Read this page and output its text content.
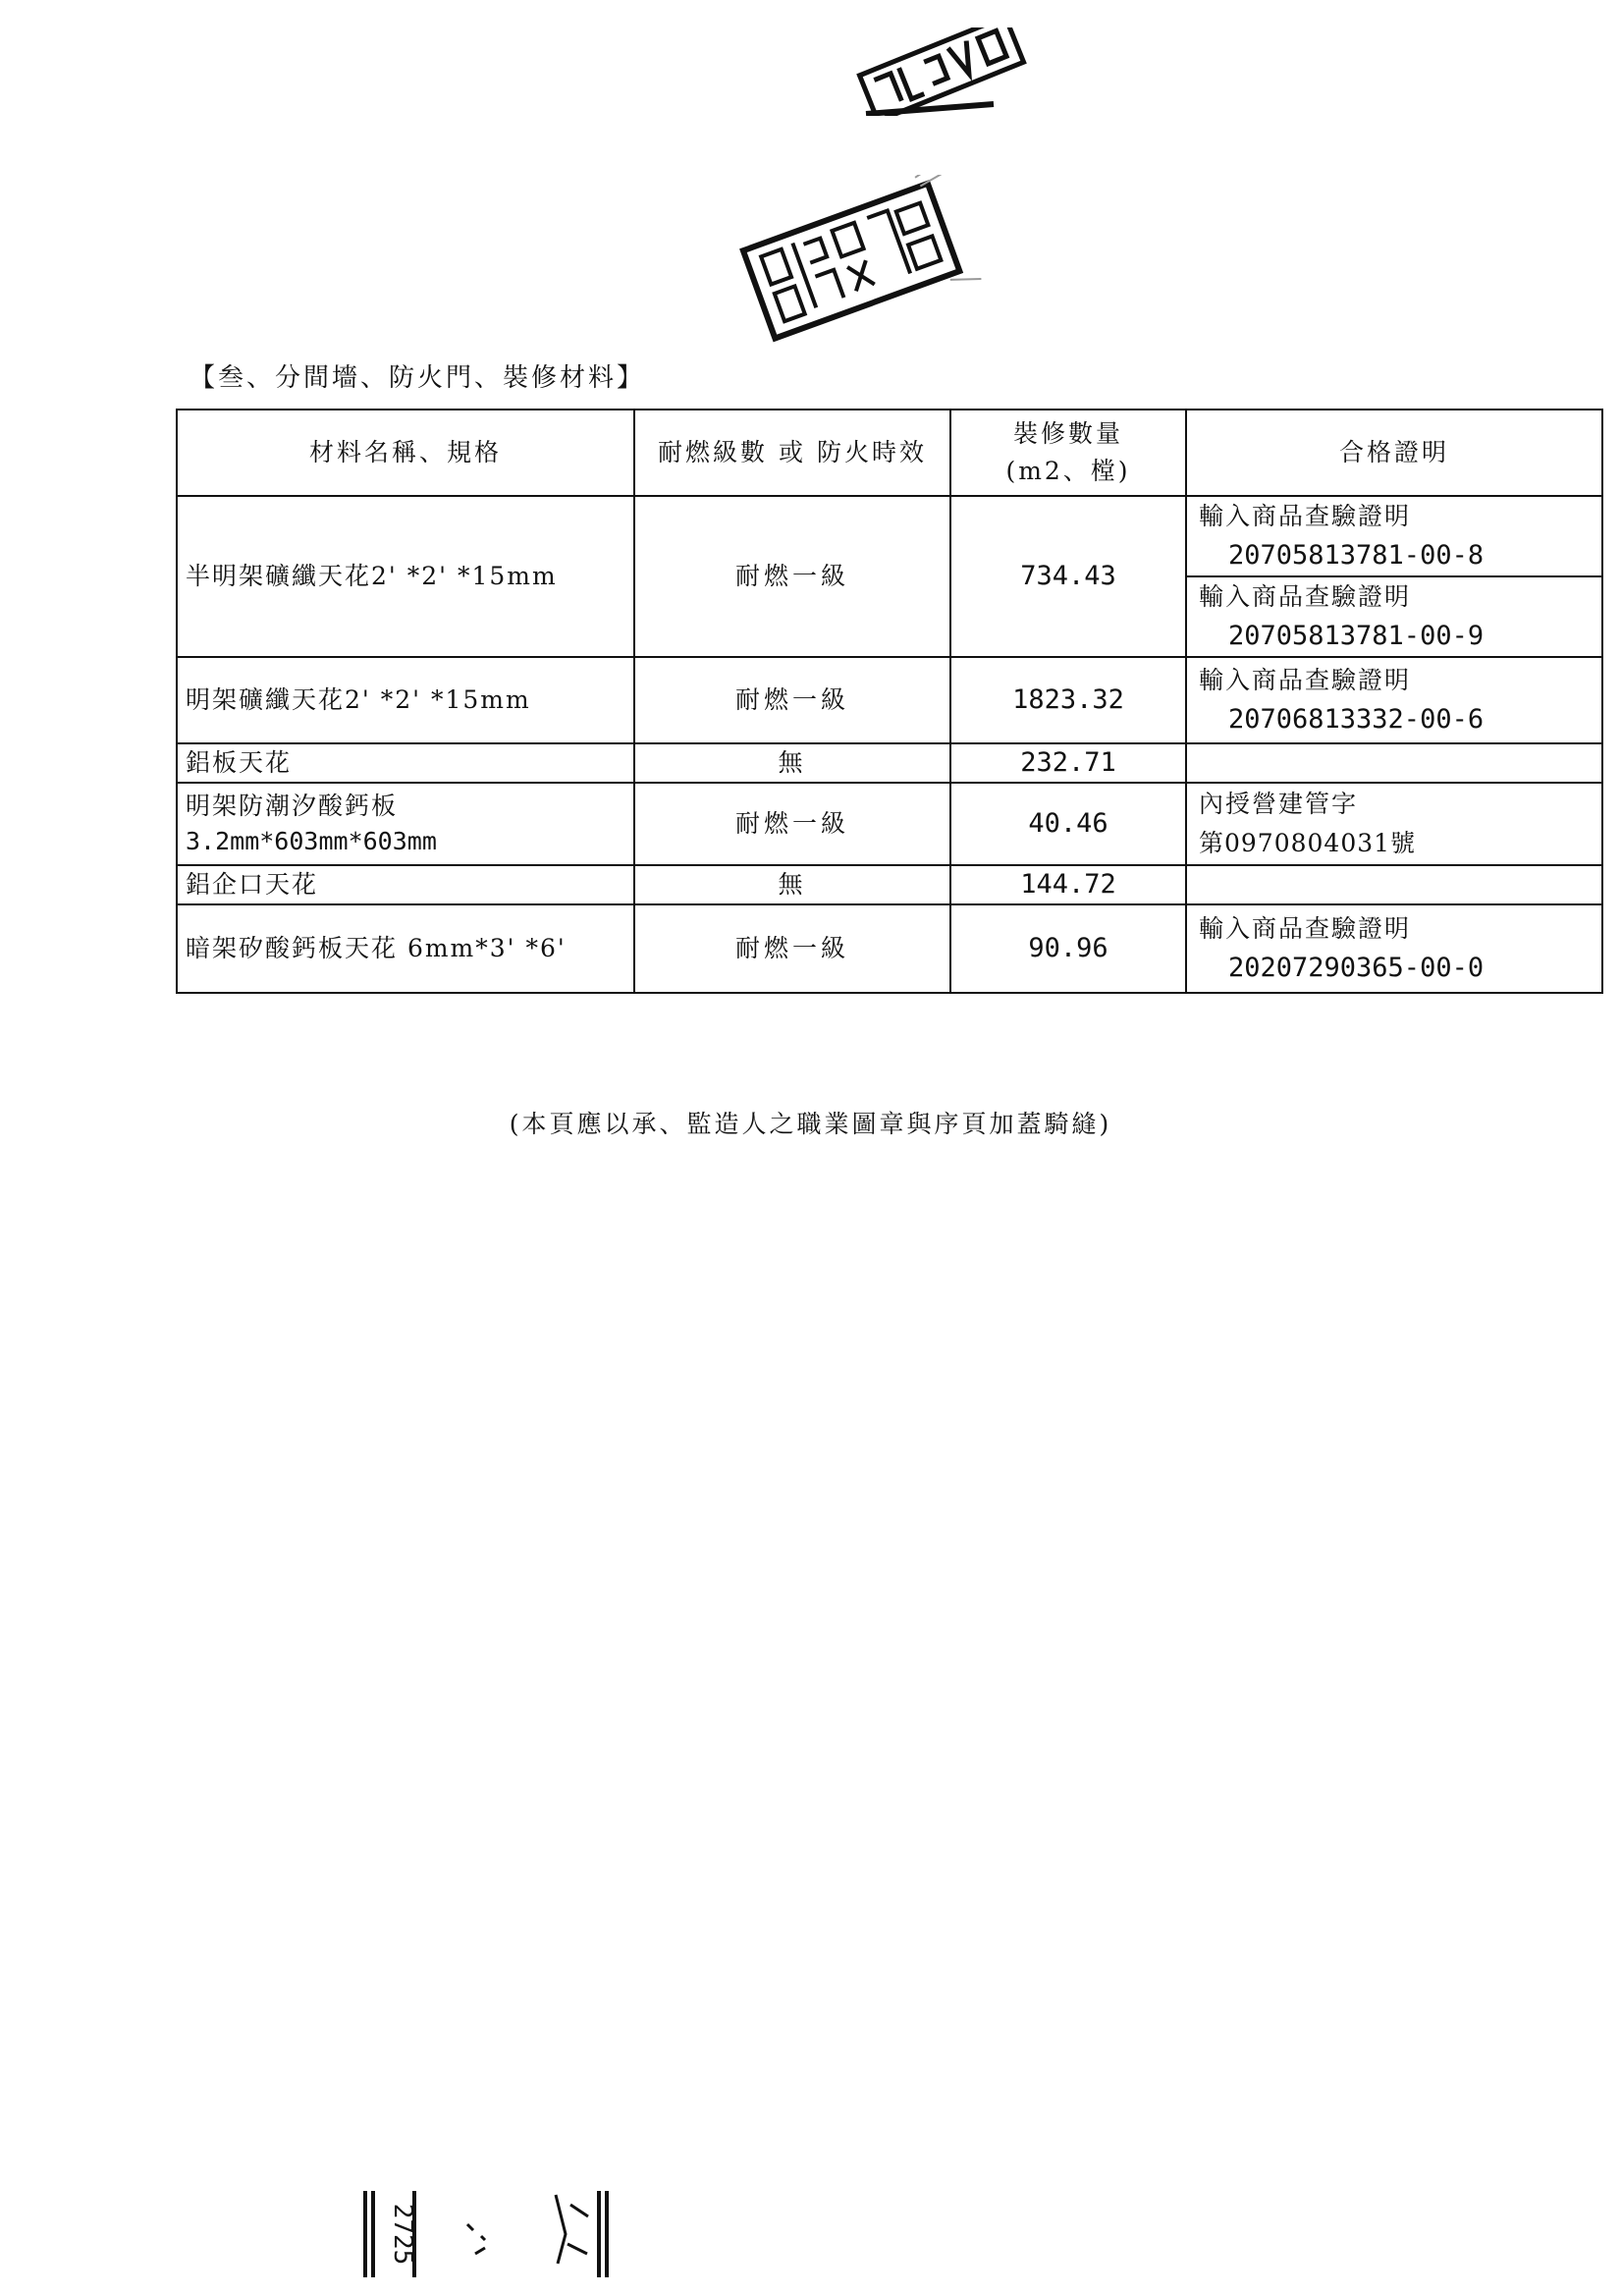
【叁、分間墻、防火門、裝修材料】
材料名稱、規格	耐燃級數 或 防火時效	裝修數量
(m2、樘)	合格證明
半明架礦纖天花2' *2' *15mm	耐燃一級	734.43	輸入商品查驗證明
20705813781-00-8

			輸入商品查驗證明
20705813781-00-9

明架礦纖天花2' *2' *15mm	耐燃一級	1823.32	輸入商品查驗證明
20706813332-00-6

鋁板天花	無	232.71	

明架防潮汐酸鈣板
3.2mm*603mm*603mm	耐燃一級	40.46	內授營建管字
第0970804031號

鋁企口天花	無	144.72	
暗架矽酸鈣板天花 6mm*3' *6'	耐燃一級	90.96	輸入商品查驗證明
20207290365-00-0
(本頁應以承、監造人之職業圖章與序頁加蓋騎縫)
2725
